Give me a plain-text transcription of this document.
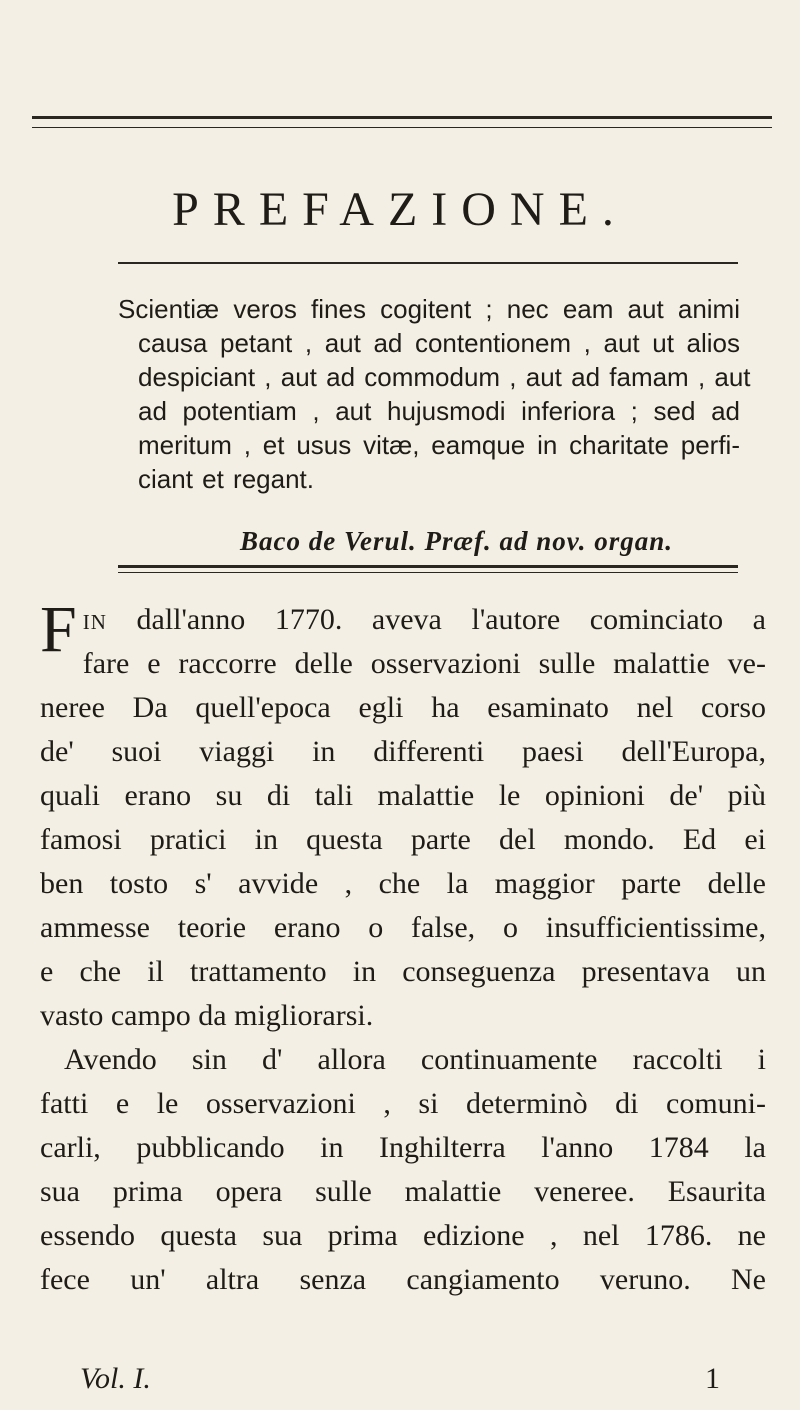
PREFAZIONE.
Scientiæ veros fines cogitent ; nec eam aut animi
causa petant , aut ad contentionem , aut ut alios
despiciant , aut ad commodum , aut ad famam , aut
ad potentiam , aut hujusmodi inferiora ; sed ad
meritum , et usus vitæ, eamque in charitate perfi-
ciant et regant.
Baco de Verul. Præf. ad nov. organ.
Fin dall'anno 1770. aveva l'autore cominciato a
fare e raccorre delle osservazioni sulle malattie ve-
neree Da quell'epoca egli ha esaminato nel corso
de' suoi viaggi in differenti paesi dell'Europa,
quali erano su di tali malattie le opinioni de' più
famosi pratici in questa parte del mondo. Ed ei
ben tosto s' avvide , che la maggior parte delle
ammesse teorie erano o false, o insufficientissime,
e che il trattamento in conseguenza presentava un
vasto campo da migliorarsi.
Avendo sin d' allora continuamente raccolti i
fatti e le osservazioni , si determinò di comuni-
carli, pubblicando in Inghilterra l'anno 1784 la
sua prima opera sulle malattie veneree. Esaurita
essendo questa sua prima edizione , nel 1786. ne
fece un' altra senza cangiamento veruno. Ne
Vol. I.	1
